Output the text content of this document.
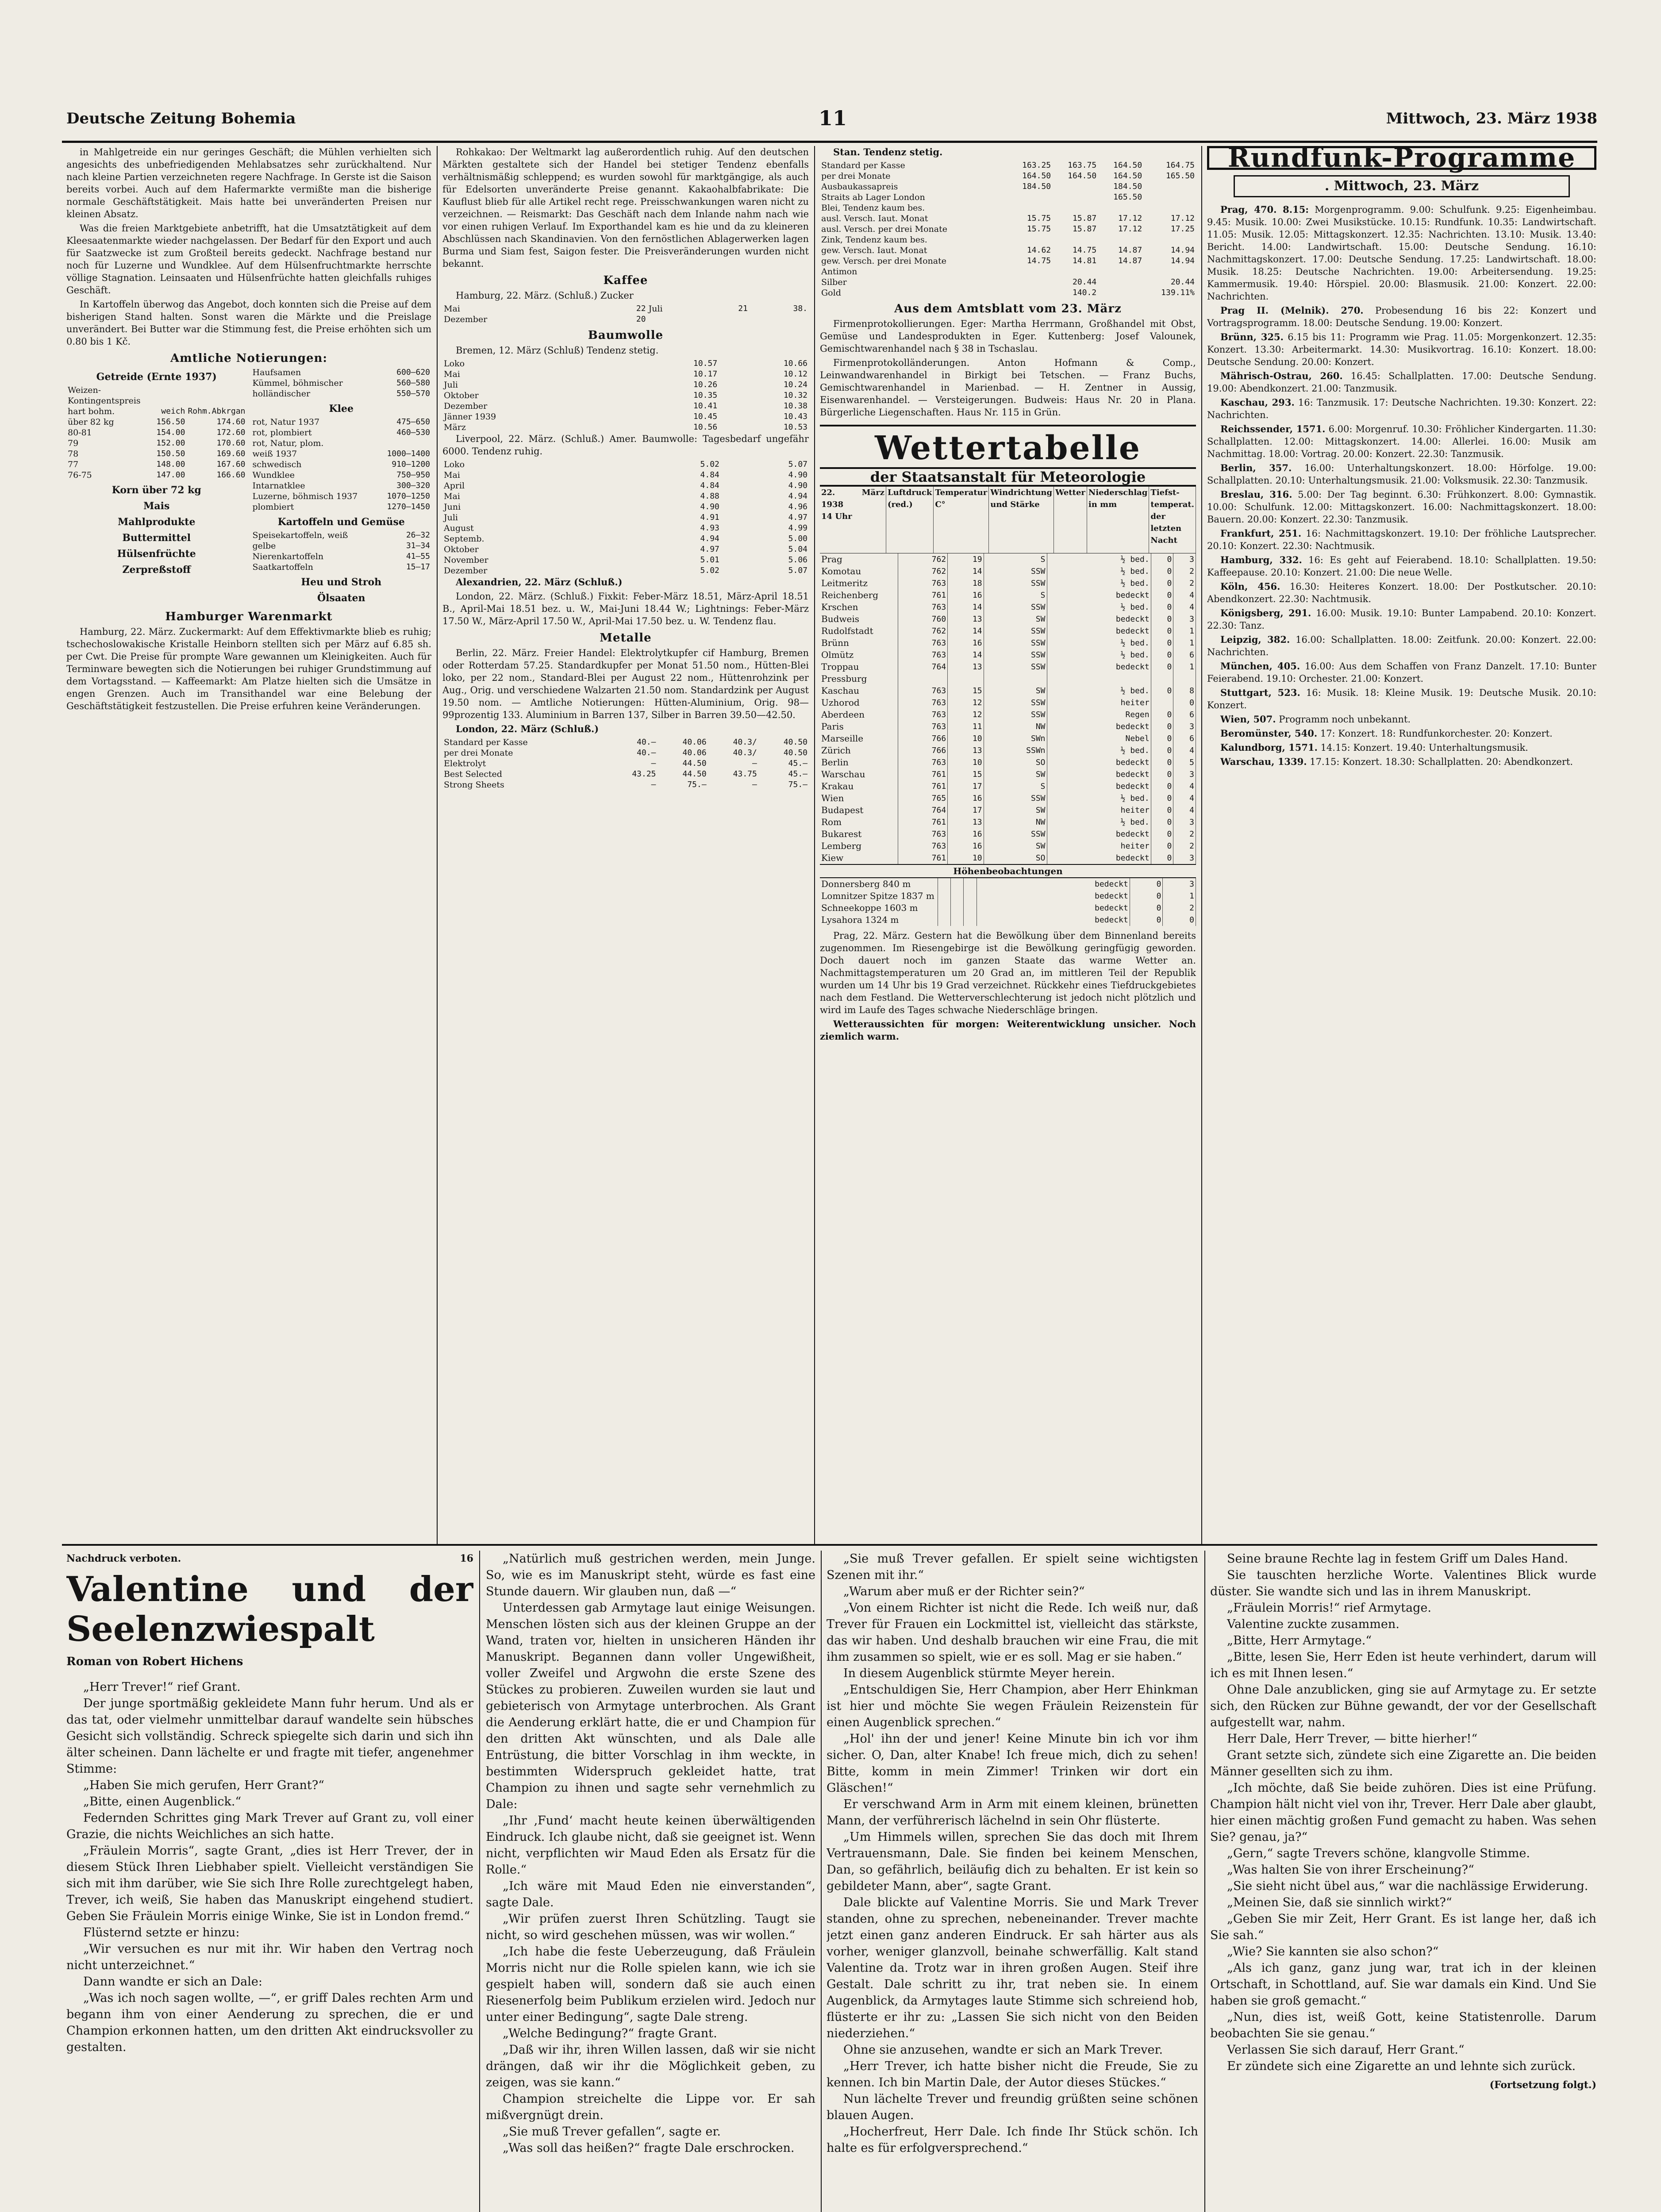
Deutsche Zeitung Bohemia	11	Mittwoch, 23. März 1938

in Mahlgetreide ein nur geringes Geschäft; die Mühlen verhielten sich angesichts des unbefriedigenden Mehlabsatzes sehr zurückhaltend. Nur nach kleine Partien verzeichneten regere Nachfrage. In Gerste ist die Saison bereits vorbei. Auch auf dem Hafermarkte vermißte man die bisherige normale Geschäftstätigkeit. Mais hatte bei unveränderten Preisen nur kleinen Absatz.

Was die freien Marktgebiete anbetrifft, hat die Umsatztätigkeit auf dem Kleesaatenmarkte wieder nachgelassen. Der Bedarf für den Export und auch für Saatzwecke ist zum Großteil bereits gedeckt. Nachfrage bestand nur noch für Luzerne und Wundklee. Auf dem Hülsenfruchtmarkte herrschte völlige Stagnation. Leinsaaten und Hülsenfrüchte hatten gleichfalls ruhiges Geschäft.

In Kartoffeln überwog das Angebot, doch konnten sich die Preise auf dem bisherigen Stand halten. Sonst waren die Märkte und die Preislage unverändert. Bei Butter war die Stimmung fest, die Preise erhöhten sich um 0.80 bis 1 Kč.

Amtliche Notierungen:
Getreide (Ernte 1937)
Weizen-Kontingentspreis		
hart bohm.	weich	Rohm.Abkrgan
über 82 kg	156.50	174.60
80-81	154.00	172.60
79	152.00	170.60
78	150.50	169.60
77	148.00	167.60
76-75	147.00	166.60
Korn über 72 kg
Mais
Mahlprodukte
Buttermittel
Hülsenfrüchte
Zerpreßstoff
Haufsamen	600—620
Kümmel, böhmischer	560—580
holländischer	550—570
Klee
rot, Natur 1937	475—650
rot, plombiert	460—530
rot, Natur, plom.	
weiß 1937	1000—1400
schwedisch	910—1200
Wundklee	750—950
Intarnatklee	300—320
Luzerne, böhmisch 1937	1070—1250
plombiert	1270—1450
Kartoffeln und Gemüse
Speisekartoffeln, weiß	26—32
gelbe	31—34
Nierenkartoffeln	41—55
Saatkartoffeln	15—17
Heu und Stroh
Ölsaaten
Hamburger Warenmarkt

Hamburg, 22. März. Zuckermarkt: Auf dem Effektivmarkte blieb es ruhig; tschechoslowakische Kristalle Heinborn stellten sich per März auf 6.85 sh. per Cwt. Die Preise für prompte Ware gewannen um Kleinigkeiten. Auch für Terminware bewegten sich die Notierungen bei ruhiger Grundstimmung auf dem Vortagsstand. — Kaffeemarkt: Am Platze hielten sich die Umsätze in engen Grenzen. Auch im Transithandel war eine Belebung der Geschäftstätigkeit festzustellen. Die Preise erfuhren keine Veränderungen.

Rohkakao: Der Weltmarkt lag außerordentlich ruhig. Auf den deutschen Märkten gestaltete sich der Handel bei stetiger Tendenz ebenfalls verhältnismäßig schleppend; es wurden sowohl für marktgängige, als auch für Edelsorten unveränderte Preise genannt. Kakaohalbfabrikate: Die Kauflust blieb für alle Artikel recht rege. Preisschwankungen waren nicht zu verzeichnen. — Reismarkt: Das Geschäft nach dem Inlande nahm nach wie vor einen ruhigen Verlauf. Im Exporthandel kam es hie und da zu kleineren Abschlüssen nach Skandinavien. Von den fernöstlichen Ablagerwerken lagen Burma und Siam fest, Saigon fester. Die Preisveränderungen wurden nicht bekannt.

Kaffee

Hamburg, 22. März. (Schluß.) Zucker

Mai	22	Juli	21	38.
Dezember	20			
Baumwolle

Bremen, 12. März (Schluß) Tendenz stetig.

Loko	10.57	10.66
Mai	10.17	10.12
Juli	10.26	10.24
Oktober	10.35	10.32
Dezember	10.41	10.38
Jänner 1939	10.45	10.43
März	10.56	10.53

Liverpool, 22. März. (Schluß.) Amer. Baumwolle: Tagesbedarf ungefähr 6000. Tendenz ruhig.

Loko	5.02	5.07
Mai	4.84	4.90
April	4.84	4.90
Mai	4.88	4.94
Juni	4.90	4.96
Juli	4.91	4.97
August	4.93	4.99
Septemb.	4.94	5.00
Oktober	4.97	5.04
November	5.01	5.06
Dezember	5.02	5.07

Alexandrien, 22. März (Schluß.)

London, 22. März. (Schluß.) Fixkit: Feber-März 18.51, März-April 18.51 B., April-Mai 18.51 bez. u. W., Mai-Juni 18.44 W.; Lightnings: Feber-März 17.50 W., März-April 17.50 W., April-Mai 17.50 bez. u. W. Tendenz flau.

Metalle

Berlin, 22. März. Freier Handel: Elektrolytkupfer cif Hamburg, Bremen oder Rotterdam 57.25. Standardkupfer per Monat 51.50 nom., Hütten-Blei loko, per 22 nom., Standard-Blei per August 22 nom., Hüttenrohzink per Aug., Orig. und verschiedene Walzarten 21.50 nom. Standardzink per August 19.50 nom. — Amtliche Notierungen: Hütten-Aluminium, Orig. 98—99prozentig 133. Aluminium in Barren 137, Silber in Barren 39.50—42.50.

London, 22. März (Schluß.)

Standard per Kasse	40.—	40.06	40.3/	40.50
per drei Monate	40.—	40.06	40.3/	40.50
Elektrolyt	—	44.50	—	45.—
Best Selected	43.25	44.50	43.75	45.—
Strong Sheets	—	75.—	—	75.—

Stan. Tendenz stetig.

Standard per Kasse	163.25	163.75	164.50	164.75
per drei Monate	164.50	164.50	164.50	165.50
Ausbaukassapreis	184.50		184.50	
Straits ab Lager London			165.50	
Blei, Tendenz kaum bes.				
ausl. Versch. Iaut. Monat	15.75	15.87	17.12	17.12
ausl. Versch. per drei Monate	15.75	15.87	17.12	17.25
Zink, Tendenz kaum bes.				
gew. Versch. Iaut. Monat	14.62	14.75	14.87	14.94
gew. Versch. per drei Monate	14.75	14.81	14.87	14.94
Antimon				
Silber		20.44		20.44
Gold		140.2		139.11%
Aus dem Amtsblatt vom 23. März

Firmenprotokollierungen. Eger: Martha Herrmann, Großhandel mit Obst, Gemüse und Landesprodukten in Eger. Kuttenberg: Josef Valounek, Gemischtwarenhandel nach § 38 in Tschaslau.

Firmenprotokolländerungen. Anton Hofmann & Comp., Leinwandwarenhandel in Birkigt bei Tetschen. — Franz Buchs, Gemischtwarenhandel in Marienbad. — H. Zentner in Aussig, Eisenwarenhandel. — Versteigerungen. Budweis: Haus Nr. 20 in Plana. Bürgerliche Liegenschaften. Haus Nr. 115 in Grün.

Wettertabelle
der Staatsanstalt für Meteorologie
22. März 1938
14 Uhr
	Luftdruck (red.)	Temperatur C°	Windrichtung und Stärke	Wetter	Niederschlag in mm	Tiefst-temperat. der letzten Nacht
Prag	762	19	S	½ bed.	0	3
Komotau	762	14	SSW	½ bed.	0	2
Leitmeritz	763	18	SSW	½ bed.	0	2
Reichenberg	761	16	S	bedeckt	0	4
Krschen	763	14	SSW	½ bed.	0	4
Budweis	760	13	SW	bedeckt	0	3
Rudolfstadt	762	14	SSW	bedeckt	0	1
Brünn	763	16	SSW	½ bed.	0	1
Olmütz	763	14	SSW	½ bed.	0	6
Troppau	764	13	SSW	bedeckt	0	1
Pressburg						
Kaschau	763	15	SW	½ bed.	0	8
Uzhorod	763	12	SSW	heiter		0
Aberdeen	763	12	SSW	Regen	0	6
Paris	763	11	NW	bedeckt	0	3
Marseille	766	10	SWn	Nebel	0	6
Zürich	766	13	SSWn	½ bed.	0	4
Berlin	763	10	SO	bedeckt	0	5
Warschau	761	15	SW	bedeckt	0	3
Krakau	761	17	S	bedeckt	0	4
Wien	765	16	SSW	½ bed.	0	4
Budapest	764	17	SW	heiter	0	4
Rom	761	13	NW	½ bed.	0	3
Bukarest	763	16	SSW	bedeckt	0	2
Lemberg	763	16	SW	heiter	0	2
Kiew	761	10	SO	bedeckt	0	3
Höhenbeobachtungen
Donnersberg 840 m				bedeckt	0	3
Lomnitzer Spitze 1837 m				bedeckt	0	1
Schneekoppe 1603 m				bedeckt	0	2
Lysahora 1324 m				bedeckt	0	0

Prag, 22. März. Gestern hat die Bewölkung über dem Binnenland bereits zugenommen. Im Riesengebirge ist die Bewölkung geringfügig geworden. Doch dauert noch im ganzen Staate das warme Wetter an. Nachmittagstemperaturen um 20 Grad an, im mittleren Teil der Republik wurden um 14 Uhr bis 19 Grad verzeichnet. Rückkehr eines Tiefdruckgebietes nach dem Festland. Die Wetterverschlechterung ist jedoch nicht plötzlich und wird im Laufe des Tages schwache Niederschläge bringen.

Wetteraussichten für morgen: Weiterentwicklung unsicher. Noch ziemlich warm.

Rundfunk-Programme
. Mittwoch, 23. März

Prag, 470. 8.15: Morgenprogramm. 9.00: Schulfunk. 9.25: Eigenheimbau. 9.45: Musik. 10.00: Zwei Musikstücke. 10.15: Rundfunk. 10.35: Landwirtschaft. 11.05: Musik. 12.05: Mittagskonzert. 12.35: Nachrichten. 13.10: Musik. 13.40: Bericht. 14.00: Landwirtschaft. 15.00: Deutsche Sendung. 16.10: Nachmittagskonzert. 17.00: Deutsche Sendung. 17.25: Landwirtschaft. 18.00: Musik. 18.25: Deutsche Nachrichten. 19.00: Arbeitersendung. 19.25: Kammermusik. 19.40: Hörspiel. 20.00: Blasmusik. 21.00: Konzert. 22.00: Nachrichten.

Prag II. (Melnik). 270. Probesendung 16 bis 22: Konzert und Vortragsprogramm. 18.00: Deutsche Sendung. 19.00: Konzert.

Brünn, 325. 6.15 bis 11: Programm wie Prag. 11.05: Morgenkonzert. 12.35: Konzert. 13.30: Arbeitermarkt. 14.30: Musikvortrag. 16.10: Konzert. 18.00: Deutsche Sendung. 20.00: Konzert.

Mährisch-Ostrau, 260. 16.45: Schallplatten. 17.00: Deutsche Sendung. 19.00: Abendkonzert. 21.00: Tanzmusik.

Kaschau, 293. 16: Tanzmusik. 17: Deutsche Nachrichten. 19.30: Konzert. 22: Nachrichten.

Reichssender, 1571. 6.00: Morgenruf. 10.30: Fröhlicher Kindergarten. 11.30: Schallplatten. 12.00: Mittagskonzert. 14.00: Allerlei. 16.00: Musik am Nachmittag. 18.00: Vortrag. 20.00: Konzert. 22.30: Tanzmusik.

Berlin, 357. 16.00: Unterhaltungskonzert. 18.00: Hörfolge. 19.00: Schallplatten. 20.10: Unterhaltungsmusik. 21.00: Volksmusik. 22.30: Tanzmusik.

Breslau, 316. 5.00: Der Tag beginnt. 6.30: Frühkonzert. 8.00: Gymnastik. 10.00: Schulfunk. 12.00: Mittagskonzert. 16.00: Nachmittagskonzert. 18.00: Bauern. 20.00: Konzert. 22.30: Tanzmusik.

Frankfurt, 251. 16: Nachmittagskonzert. 19.10: Der fröhliche Lautsprecher. 20.10: Konzert. 22.30: Nachtmusik.

Hamburg, 332. 16: Es geht auf Feierabend. 18.10: Schallplatten. 19.50: Kaffeepause. 20.10: Konzert. 21.00: Die neue Welle.

Köln, 456. 16.30: Heiteres Konzert. 18.00: Der Postkutscher. 20.10: Abendkonzert. 22.30: Nachtmusik.

Königsberg, 291. 16.00: Musik. 19.10: Bunter Lampabend. 20.10: Konzert. 22.30: Tanz.

Leipzig, 382. 16.00: Schallplatten. 18.00: Zeitfunk. 20.00: Konzert. 22.00: Nachrichten.

München, 405. 16.00: Aus dem Schaffen von Franz Danzelt. 17.10: Bunter Feierabend. 19.10: Orchester. 21.00: Konzert.

Stuttgart, 523. 16: Musik. 18: Kleine Musik. 19: Deutsche Musik. 20.10: Konzert.

Wien, 507. Programm noch unbekannt.

Beromünster, 540. 17: Konzert. 18: Rundfunkorchester. 20: Konzert.

Kalundborg, 1571. 14.15: Konzert. 19.40: Unterhaltungsmusik.

Warschau, 1339. 17.15: Konzert. 18.30: Schallplatten. 20: Abendkonzert.

Nachdruck verboten.	16
Valentine und der Seelenzwiespalt
Roman von Robert Hichens

„Herr Trever!“ rief Grant.

Der junge sportmäßig gekleidete Mann fuhr herum. Und als er das tat, oder vielmehr unmittelbar darauf wandelte sein hübsches Gesicht sich vollständig. Schreck spiegelte sich darin und sich ihn älter scheinen. Dann lächelte er und fragte mit tiefer, angenehmer Stimme:

„Haben Sie mich gerufen, Herr Grant?“

„Bitte, einen Augenblick.“

Federnden Schrittes ging Mark Trever auf Grant zu, voll einer Grazie, die nichts Weichliches an sich hatte.

„Fräulein Morris“, sagte Grant, „dies ist Herr Trever, der in diesem Stück Ihren Liebhaber spielt. Vielleicht verständigen Sie sich mit ihm darüber, wie Sie sich Ihre Rolle zurechtgelegt haben, Trever, ich weiß, Sie haben das Manuskript eingehend studiert. Geben Sie Fräulein Morris einige Winke, Sie ist in London fremd.“

Flüsternd setzte er hinzu:

„Wir versuchen es nur mit ihr. Wir haben den Vertrag noch nicht unterzeichnet.“

Dann wandte er sich an Dale:

„Was ich noch sagen wollte, —“, er griff Dales rechten Arm und begann ihm von einer Aenderung zu sprechen, die er und Champion erkonnen hatten, um den dritten Akt eindrucksvoller zu gestalten.

„Natürlich muß gestrichen werden, mein Junge. So, wie es im Manuskript steht, würde es fast eine Stunde dauern. Wir glauben nun, daß —“

Unterdessen gab Armytage laut einige Weisungen. Menschen lösten sich aus der kleinen Gruppe an der Wand, traten vor, hielten in unsicheren Händen ihr Manuskript. Begannen dann voller Ungewißheit, voller Zweifel und Argwohn die erste Szene des Stückes zu probieren. Zuweilen wurden sie laut und gebieterisch von Armytage unterbrochen. Als Grant die Aenderung erklärt hatte, die er und Champion für den dritten Akt wünschten, und als Dale alle Entrüstung, die bitter Vorschlag in ihm weckte, in bestimmten Widerspruch gekleidet hatte, trat Champion zu ihnen und sagte sehr vernehmlich zu Dale:

„Ihr ‚Fund‘ macht heute keinen überwältigenden Eindruck. Ich glaube nicht, daß sie geeignet ist. Wenn nicht, verpflichten wir Maud Eden als Ersatz für die Rolle.“

„Ich wäre mit Maud Eden nie einverstanden“, sagte Dale.

„Wir prüfen zuerst Ihren Schützling. Taugt sie nicht, so wird geschehen müssen, was wir wollen.“

„Ich habe die feste Ueberzeugung, daß Fräulein Morris nicht nur die Rolle spielen kann, wie ich sie gespielt haben will, sondern daß sie auch einen Riesenerfolg beim Publikum erzielen wird. Jedoch nur unter einer Bedingung“, sagte Dale streng.

„Welche Bedingung?“ fragte Grant.

„Daß wir ihr, ihren Willen lassen, daß wir sie nicht drängen, daß wir ihr die Möglichkeit geben, zu zeigen, was sie kann.“

Champion streichelte die Lippe vor. Er sah mißvergnügt drein.

„Sie muß Trever gefallen“, sagte er.

„Was soll das heißen?“ fragte Dale erschrocken.

„Sie muß Trever gefallen. Er spielt seine wichtigsten Szenen mit ihr.“

„Warum aber muß er der Richter sein?“

„Von einem Richter ist nicht die Rede. Ich weiß nur, daß Trever für Frauen ein Lockmittel ist, vielleicht das stärkste, das wir haben. Und deshalb brauchen wir eine Frau, die mit ihm zusammen so spielt, wie er es soll. Mag er sie haben.“

In diesem Augenblick stürmte Meyer herein.

„Entschuldigen Sie, Herr Champion, aber Herr Ehinkman ist hier und möchte Sie wegen Fräulein Reizenstein für einen Augenblick sprechen.“

„Hol' ihn der und jener! Keine Minute bin ich vor ihm sicher. O, Dan, alter Knabe! Ich freue mich, dich zu sehen! Bitte, komm in mein Zimmer! Trinken wir dort ein Gläschen!“

Er verschwand Arm in Arm mit einem kleinen, brünetten Mann, der verführerisch lächelnd in sein Ohr flüsterte.

„Um Himmels willen, sprechen Sie das doch mit Ihrem Vertrauensmann, Dale. Sie finden bei keinem Menschen, Dan, so gefährlich, beiläufig dich zu behalten. Er ist kein so gebildeter Mann, aber“, sagte Grant.

Dale blickte auf Valentine Morris. Sie und Mark Trever standen, ohne zu sprechen, nebeneinander. Trever machte jetzt einen ganz anderen Eindruck. Er sah härter aus als vorher, weniger glanzvoll, beinahe schwerfällig. Kalt stand Valentine da. Trotz war in ihren großen Augen. Steif ihre Gestalt. Dale schritt zu ihr, trat neben sie. In einem Augenblick, da Armytages laute Stimme sich schreiend hob, flüsterte er ihr zu: „Lassen Sie sich nicht von den Beiden niederziehen.“

Ohne sie anzusehen, wandte er sich an Mark Trever.

„Herr Trever, ich hatte bisher nicht die Freude, Sie zu kennen. Ich bin Martin Dale, der Autor dieses Stückes.“

Nun lächelte Trever und freundig grüßten seine schönen blauen Augen.

„Hocherfreut, Herr Dale. Ich finde Ihr Stück schön. Ich halte es für erfolgversprechend.“

Seine braune Rechte lag in festem Griff um Dales Hand.

Sie tauschten herzliche Worte. Valentines Blick wurde düster. Sie wandte sich und las in ihrem Manuskript.

„Fräulein Morris!“ rief Armytage.

Valentine zuckte zusammen.

„Bitte, Herr Armytage.“

„Bitte, lesen Sie, Herr Eden ist heute verhindert, darum will ich es mit Ihnen lesen.“

Ohne Dale anzublicken, ging sie auf Armytage zu. Er setzte sich, den Rücken zur Bühne gewandt, der vor der Gesellschaft aufgestellt war, nahm.

Herr Dale, Herr Trever, — bitte hierher!“

Grant setzte sich, zündete sich eine Zigarette an. Die beiden Männer gesellten sich zu ihm.

„Ich möchte, daß Sie beide zuhören. Dies ist eine Prüfung. Champion hält nicht viel von ihr, Trever. Herr Dale aber glaubt, hier einen mächtig großen Fund gemacht zu haben. Was sehen Sie? genau, ja?“

„Gern,“ sagte Trevers schöne, klangvolle Stimme.

„Was halten Sie von ihrer Erscheinung?“

„Sie sieht nicht übel aus,“ war die nachlässige Erwiderung.

„Meinen Sie, daß sie sinnlich wirkt?“

„Geben Sie mir Zeit, Herr Grant. Es ist lange her, daß ich Sie sah.“

„Wie? Sie kannten sie also schon?“

„Als ich ganz, ganz jung war, trat ich in der kleinen Ortschaft, in Schottland, auf. Sie war damals ein Kind. Und Sie haben sie groß gemacht.“

„Nun, dies ist, weiß Gott, keine Statistenrolle. Darum beobachten Sie sie genau.“

Verlassen Sie sich darauf, Herr Grant.“

Er zündete sich eine Zigarette an und lehnte sich zurück.

(Fortsetzung folgt.)
